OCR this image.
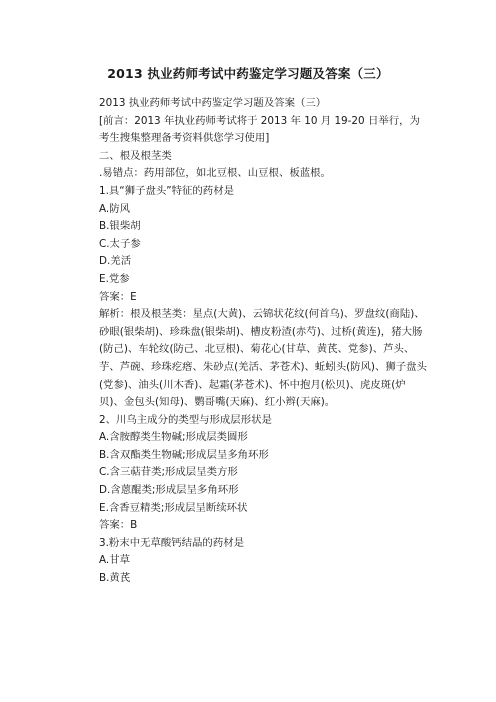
2013 执业药师考试中药鉴定学习题及答案（三）
2013 执业药师考试中药鉴定学习题及答案（三）
[前言：2013 年执业药师考试将于 2013 年 10 月 19-20 日举行，为考生搜集整理备考资料供您学习使用]
二、根及根茎类
.易错点：药用部位，如北豆根、山豆根、板蓝根。
1.具“狮子盘头”特征的药材是
A.防风
B.银柴胡
C.太子参
D.羌活
E.党参
答案：E
解析：根及根茎类：星点(大黄)、云锦状花纹(何首乌)、罗盘纹(商陆)、砂眼(银柴胡)、珍珠盘(银柴胡)、槽皮粉渣(赤芍)、过桥(黄连)，猪大肠(防己)、车轮纹(防己、北豆根)、菊花心(甘草、黄芪、党参)、芦头、芋、芦碗、珍珠疙瘩、朱砂点(羌活、茅苍术)、蚯蚓头(防风)、狮子盘头(党参)、油头(川木香)、起霜(茅苍术)、怀中抱月(松贝)、虎皮斑(炉贝)、金包头(知母)、鹦哥嘴(天麻)、红小辫(天麻)。
2、川乌主成分的类型与形成层形状是
A.含胺醇类生物碱;形成层类圆形
B.含双酯类生物碱;形成层呈多角环形
C.含三萜苷类;形成层呈类方形
D.含蒽醌类;形成层呈多角环形
E.含香豆精类;形成层呈断续环状
答案：B
3.粉末中无草酸钙结晶的药材是
A.甘草
B.黄芪
